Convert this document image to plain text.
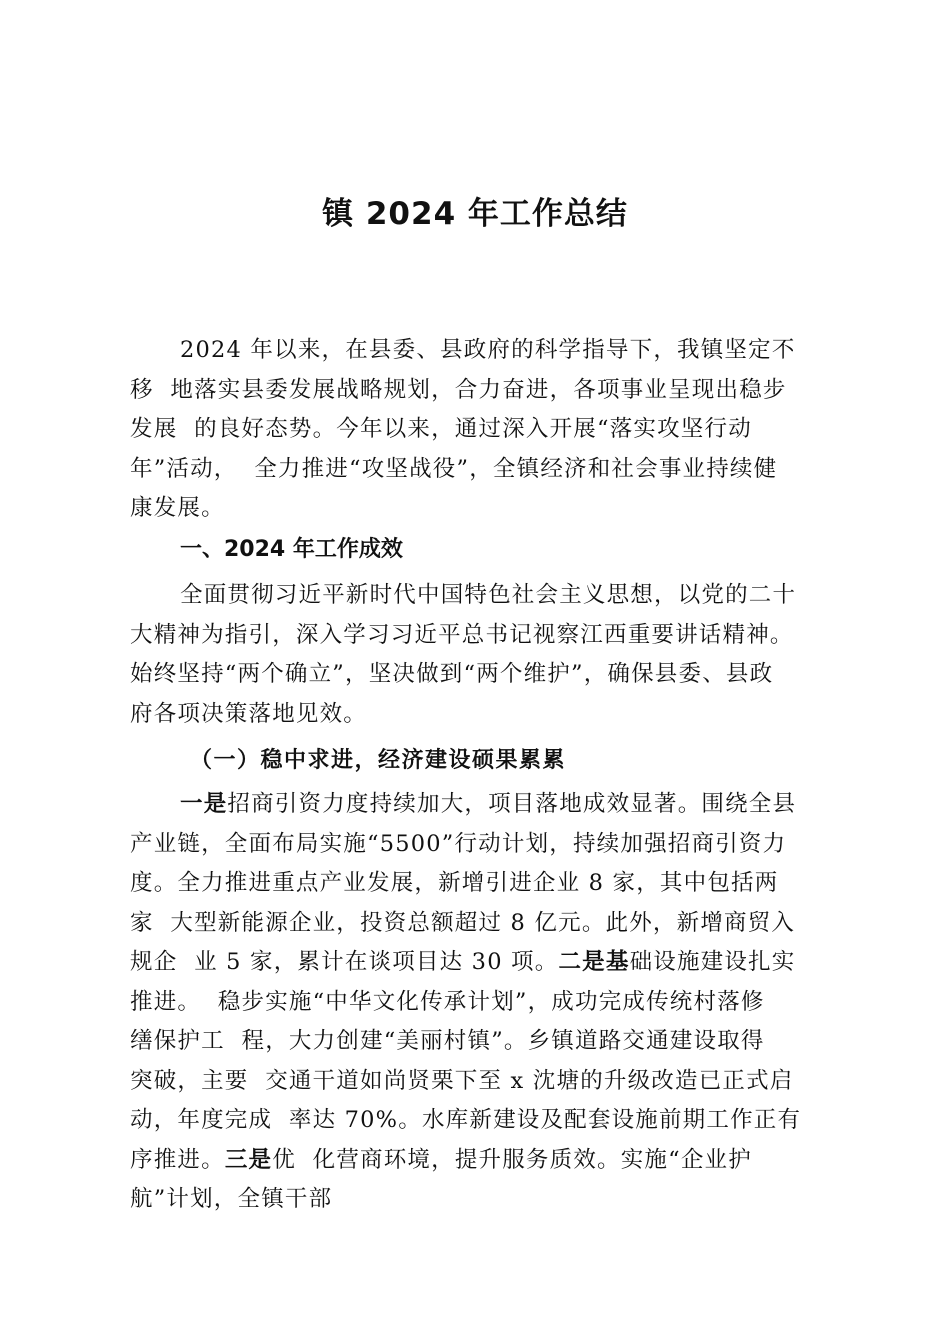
镇 2024 年工作总结
2024 年以来，在县委、县政府的科学指导下，我镇坚定不
移  地落实县委发展战略规划，合力奋进，各项事业呈现出稳步
发展  的良好态势。今年以来，通过深入开展“落实攻坚行动
年”活动，  全力推进“攻坚战役”，全镇经济和社会事业持续健
康发展。
一、2024 年工作成效
全面贯彻习近平新时代中国特色社会主义思想，以党的二十
大精神为指引，深入学习习近平总书记视察江西重要讲话精神。
始终坚持“两个确立”，坚决做到“两个维护”，确保县委、县政
府各项决策落地见效。
（一）稳中求进，经济建设硕果累累
一是招商引资力度持续加大，项目落地成效显著。围绕全县
产业链，全面布局实施“5500”行动计划，持续加强招商引资力
度。全力推进重点产业发展，新增引进企业 8 家，其中包括两
家  大型新能源企业，投资总额超过 8 亿元。此外，新增商贸入
规企  业 5 家，累计在谈项目达 30 项。二是基础设施建设扎实
推进。  稳步实施“中华文化传承计划”，成功完成传统村落修
缮保护工  程，大力创建“美丽村镇”。乡镇道路交通建设取得
突破，主要  交通干道如尚贤栗下至 x 沈塘的升级改造已正式启
动，年度完成  率达 70%。水库新建设及配套设施前期工作正有
序推进。三是优  化营商环境，提升服务质效。实施“企业护
航”计划，全镇干部
